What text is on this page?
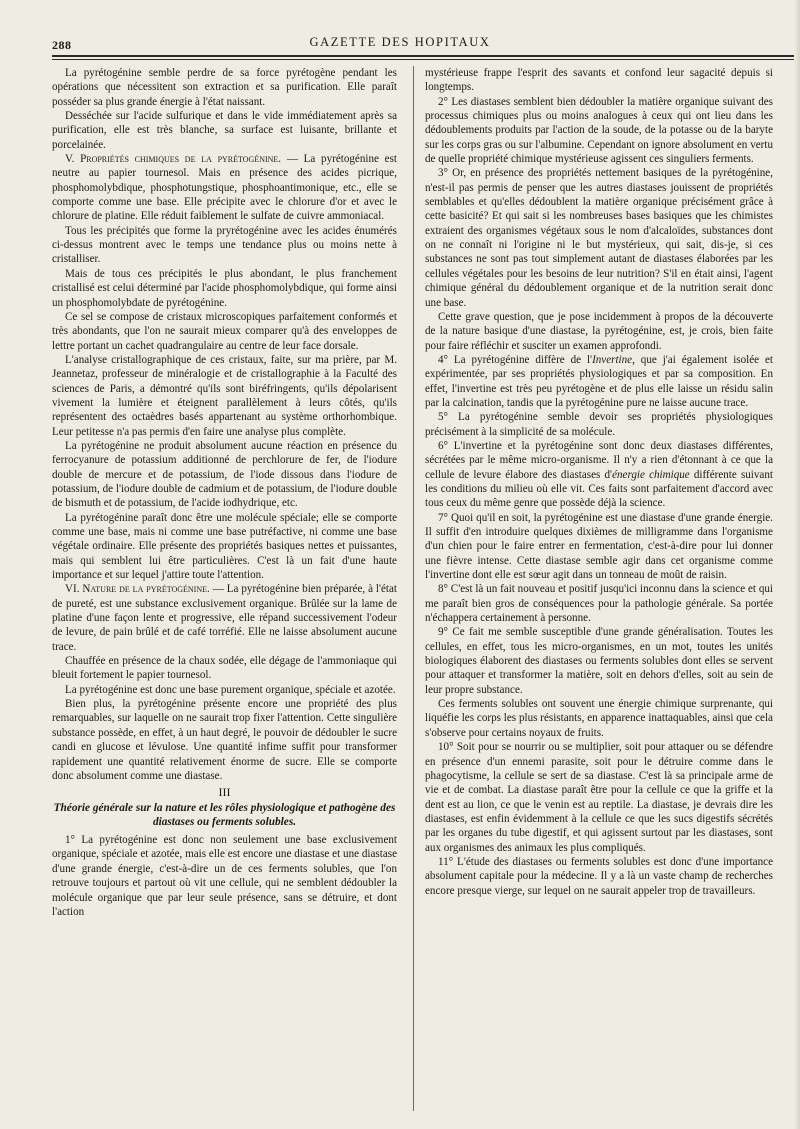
288	GAZETTE DES HOPITAUX

La pyrétogénine semble perdre de sa force pyrétogène pendant les opérations que nécessitent son extraction et sa purification. Elle paraît posséder sa plus grande énergie à l'état naissant.

Desséchée sur l'acide sulfurique et dans le vide immédiatement après sa purification, elle est très blanche, sa surface est luisante, brillante et porcelainée.

V. Propriétés chimiques de la pyrétogénine. — La pyrétogénine est neutre au papier tournesol. Mais en présence des acides picrique, phosphomolybdique, phosphotungstique, phosphoantimonique, etc., elle se comporte comme une base. Elle précipite avec le chlorure d'or et avec le chlorure de platine. Elle réduit faiblement le sulfate de cuivre ammoniacal.

Tous les précipités que forme la pryrétogénine avec les acides énumérés ci-dessus montrent avec le temps une tendance plus ou moins nette à cristalliser.

Mais de tous ces précipités le plus abondant, le plus franchement cristallisé est celui déterminé par l'acide phosphomolybdique, qui forme ainsi un phosphomolybdate de pyrétogénine.

Ce sel se compose de cristaux microscopiques parfaitement conformés et très abondants, que l'on ne saurait mieux comparer qu'à des enveloppes de lettre portant un cachet quadrangulaire au centre de leur face dorsale.

L'analyse cristallographique de ces cristaux, faite, sur ma prière, par M. Jeannetaz, professeur de minéralogie et de cristallographie à la Faculté des sciences de Paris, a démontré qu'ils sont biréfringents, qu'ils dépolarisent vivement la lumière et éteignent parallèlement à leurs côtés, qu'ils représentent des octaèdres basés appartenant au système orthorhombique. Leur petitesse n'a pas permis d'en faire une analyse plus complète.

La pyrétogénine ne produit absolument aucune réaction en présence du ferrocyanure de potassium additionné de perchlorure de fer, de l'iodure double de mercure et de potassium, de l'iode dissous dans l'iodure de potassium, de l'iodure double de cadmium et de potassium, de l'iodure double de bismuth et de potassium, de l'acide iodhydrique, etc.

La pyrétogénine paraît donc être une molécule spéciale; elle se comporte comme une base, mais ni comme une base putréfactive, ni comme une base végétale ordinaire. Elle présente des propriétés basiques nettes et puissantes, mais qui semblent lui être particulières. C'est là un fait d'une haute importance et sur lequel j'attire toute l'attention.

VI. Nature de la pyrétogénine. — La pyrétogénine bien préparée, à l'état de pureté, est une substance exclusivement organique. Brûlée sur la lame de platine d'une façon lente et progressive, elle répand successivement l'odeur de levure, de pain brûlé et de café torréfié. Elle ne laisse absolument aucune trace.

Chauffée en présence de la chaux sodée, elle dégage de l'ammoniaque qui bleuit fortement le papier tournesol.

La pyrétogénine est donc une base purement organique, spéciale et azotée.

Bien plus, la pyrétogénine présente encore une propriété des plus remarquables, sur laquelle on ne saurait trop fixer l'attention. Cette singulière substance possède, en effet, à un haut degré, le pouvoir de dédoubler le sucre candi en glucose et lévulose. Une quantité infime suffit pour transformer rapidement une quantité relativement énorme de sucre. Elle se comporte donc absolument comme une diastase.

III

Théorie générale sur la nature et les rôles physiologique et pathogène des diastases ou ferments solubles.

1° La pyrétogénine est donc non seulement une base exclusivement organique, spéciale et azotée, mais elle est encore une diastase et une diastase d'une grande énergie, c'est-à-dire un de ces ferments solubles, que l'on retrouve toujours et partout où vit une cellule, qui ne semblent dédoubler la molécule organique que par leur seule présence, sans se détruire, et dont l'action

mystérieuse frappe l'esprit des savants et confond leur sagacité depuis si longtemps.

2° Les diastases semblent bien dédoubler la matière organique suivant des processus chimiques plus ou moins analogues à ceux qui ont lieu dans les dédoublements produits par l'action de la soude, de la potasse ou de la baryte sur les corps gras ou sur l'albumine. Cependant on ignore absolument en vertu de quelle propriété chimique mystérieuse agissent ces singuliers ferments.

3° Or, en présence des propriétés nettement basiques de la pyrétogénine, n'est-il pas permis de penser que les autres diastases jouissent de propriétés semblables et qu'elles dédoublent la matière organique précisément grâce à cette basicité? Et qui sait si les nombreuses bases basiques que les chimistes extraient des organismes végétaux sous le nom d'alcaloïdes, substances dont on ne connaît ni l'origine ni le but mystérieux, qui sait, dis-je, si ces substances ne sont pas tout simplement autant de diastases élaborées par les cellules végétales pour les besoins de leur nutrition? S'il en était ainsi, l'agent chimique général du dédoublement organique et de la nutrition serait donc une base.

Cette grave question, que je pose incidemment à propos de la découverte de la nature basique d'une diastase, la pyrétogénine, est, je crois, bien faite pour faire réfléchir et susciter un examen approfondi.

4° La pyrétogénine diffère de l'Invertine, que j'ai également isolée et expérimentée, par ses propriétés physiologiques et par sa composition. En effet, l'invertine est très peu pyrétogène et de plus elle laisse un résidu salin par la calcination, tandis que la pyrétogénine pure ne laisse aucune trace.

5° La pyrétogénine semble devoir ses propriétés physiologiques précisément à la simplicité de sa molécule.

6° L'invertine et la pyrétogénine sont donc deux diastases différentes, sécrétées par le même micro-organisme. Il n'y a rien d'étonnant à ce que la cellule de levure élabore des diastases d'énergie chimique différente suivant les conditions du milieu où elle vit. Ces faits sont parfaitement d'accord avec tous ceux du même genre que possède déjà la science.

7° Quoi qu'il en soit, la pyrétogénine est une diastase d'une grande énergie. Il suffit d'en introduire quelques dixièmes de milligramme dans l'organisme d'un chien pour le faire entrer en fermentation, c'est-à-dire pour lui donner une fièvre intense. Cette diastase semble agir dans cet organisme comme l'invertine dont elle est sœur agit dans un tonneau de moût de raisin.

8° C'est là un fait nouveau et positif jusqu'ici inconnu dans la science et qui me paraît bien gros de conséquences pour la pathologie générale. Sa portée n'échappera certainement à personne.

9° Ce fait me semble susceptible d'une grande généralisation. Toutes les cellules, en effet, tous les micro-organismes, en un mot, toutes les unités biologiques élaborent des diastases ou ferments solubles dont elles se servent pour attaquer et transformer la matière, soit en dehors d'elles, soit au sein de leur propre substance.

Ces ferments solubles ont souvent une énergie chimique surprenante, qui liquéfie les corps les plus résistants, en apparence inattaquables, ainsi que cela s'observe pour certains noyaux de fruits.

10° Soit pour se nourrir ou se multiplier, soit pour attaquer ou se défendre en présence d'un ennemi parasite, soit pour le détruire comme dans le phagocytisme, la cellule se sert de sa diastase. C'est là sa principale arme de vie et de combat. La diastase paraît être pour la cellule ce que la griffe et la dent est au lion, ce que le venin est au reptile. La diastase, je devrais dire les diastases, est enfin évidemment à la cellule ce que les sucs digestifs sécrétés par les organes du tube digestif, et qui agissent surtout par les diastases, sont aux organismes des animaux les plus compliqués.

11° L'étude des diastases ou ferments solubles est donc d'une importance absolument capitale pour la médecine. Il y a là un vaste champ de recherches encore presque vierge, sur lequel on ne saurait appeler trop de travailleurs.
